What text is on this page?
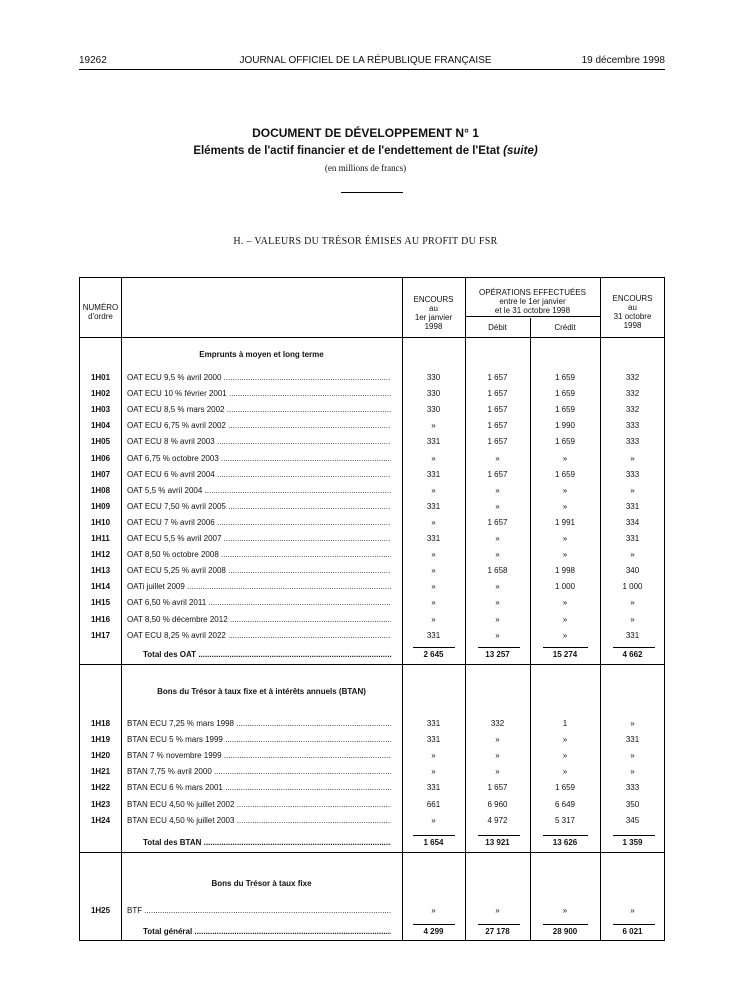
19262	JOURNAL OFFICIEL DE LA RÉPUBLIQUE FRANÇAISE	19 décembre 1998
DOCUMENT DE DÉVELOPPEMENT N° 1
Eléments de l'actif financier et de l'endettement de l'Etat (suite)
(en millions de francs)
H. – VALEURS DU TRÉSOR ÉMISES AU PROFIT DU FSR
NUMÉRO
d'ordre
ENCOURS
au
1er janvier
1998
OPÉRATIONS EFFECTUÉES
entre le 1er janvier
et le 31 octobre 1998
Débit	Crédit
ENCOURS
au
31 octobre
1998
Emprunts à moyen et long terme
Bons du Trésor à taux fixe et à intérêts annuels (BTAN)
Bons du Trésor à taux fixe
1H01	OAT ECU 9,5 % avril 2000 .....	330	1 657	1 659	332
1H02	OAT ECU 10 % février 2001 .....	330	1 657	1 659	332
1H03	OAT ECU 8,5 % mars 2002 .....	330	1 657	1 659	332
1H04	OAT ECU 6,75 % avril 2002 .....	»	1 657	1 990	333
1H05	OAT ECU 8 % avril 2003 .....	331	1 657	1 659	333
1H06	OAT 6,75 % octobre 2003 .....	»	»	»	»
1H07	OAT ECU 6 % avril 2004 .....	331	1 657	1 659	333
1H08	OAT 5,5 % avril 2004 .....	»	»	»	»
1H09	OAT ECU 7,50 % avril 2005 .....	331	»	»	331
1H10	OAT ECU 7 % avril 2006 .....	»	1 657	1 991	334
1H11	OAT ECU 5,5 % avril 2007 .....	331	»	»	331
1H12	OAT 8,50 % octobre 2008 .....	»	»	»	»
1H13	OAT ECU 5,25 % avril 2008 .....	»	1 658	1 998	340
1H14	OATi juillet 2009 .....	»	»	1 000	1 000
1H15	OAT 6,50 % avril 2011 .....	»	»	»	»
1H16	OAT 8,50 % décembre 2012 .....	»	»	»	»
1H17	OAT ECU 8,25 % avril 2022 .....	331	»	»	331
Total des OAT .....	2 645	13 257	15 274	4 662
1H18	BTAN ECU 7,25 % mars 1998 .....	331	332	1	»
1H19	BTAN ECU 5 % mars 1999 .....	331	»	»	331
1H20	BTAN 7 % novembre 1999 .....	»	»	»	»
1H21	BTAN 7,75 % avril 2000 .....	»	»	»	»
1H22	BTAN ECU 6 % mars 2001 .....	331	1 657	1 659	333
1H23	BTAN ECU 4,50 % juillet 2002 .....	661	6 960	6 649	350
1H24	BTAN ECU 4,50 % juillet 2003 .....	»	4 972	5 317	345
Total des BTAN .....	1 654	13 921	13 626	1 359
1H25	BTF .....	»	»	»	»
Total général .....	4 299	27 178	28 900	6 021
